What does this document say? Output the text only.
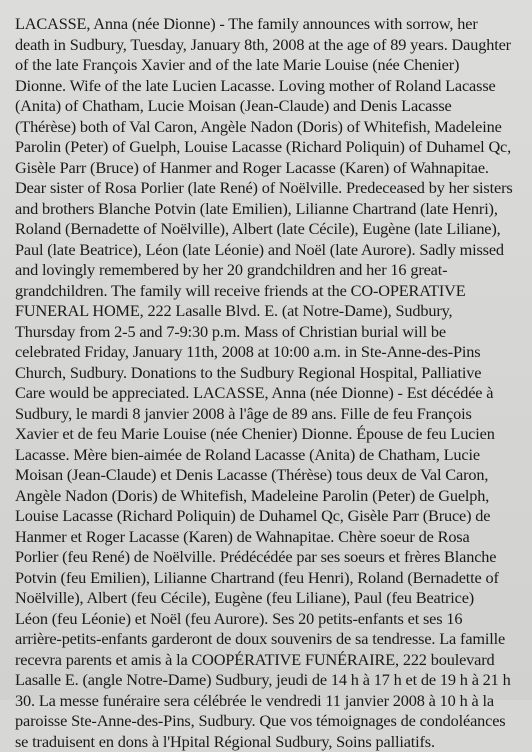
LACASSE, Anna (née Dionne) - The family announces with sorrow, her
death in Sudbury, Tuesday, January 8th, 2008 at the age of 89 years. Daughter
of the late François Xavier and of the late Marie Louise (née Chenier)
Dionne. Wife of the late Lucien Lacasse. Loving mother of Roland Lacasse
(Anita) of Chatham, Lucie Moisan (Jean-Claude) and Denis Lacasse
(Thérèse) both of Val Caron, Angèle Nadon (Doris) of Whitefish, Madeleine
Parolin (Peter) of Guelph, Louise Lacasse (Richard Poliquin) of Duhamel Qc,
Gisèle Parr (Bruce) of Hanmer and Roger Lacasse (Karen) of Wahnapitae.
Dear sister of Rosa Porlier (late René) of Noëlville. Predeceased by her sisters
and brothers Blanche Potvin (late Emilien), Lilianne Chartrand (late Henri),
Roland (Bernadette of Noëlville), Albert (late Cécile), Eugène (late Liliane),
Paul (late Beatrice), Léon (late Léonie) and Noël (late Aurore). Sadly missed
and lovingly remembered by her 20 grandchildren and her 16 great-
grandchildren. The family will receive friends at the CO-OPERATIVE
FUNERAL HOME, 222 Lasalle Blvd. E. (at Notre-Dame), Sudbury,
Thursday from 2-5 and 7-9:30 p.m. Mass of Christian burial will be
celebrated Friday, January 11th, 2008 at 10:00 a.m. in Ste-Anne-des-Pins
Church, Sudbury. Donations to the Sudbury Regional Hospital, Palliative
Care would be appreciated. LACASSE, Anna (née Dionne) - Est décédée à
Sudbury, le mardi 8 janvier 2008 à l'âge de 89 ans. Fille de feu François
Xavier et de feu Marie Louise (née Chenier) Dionne. Épouse de feu Lucien
Lacasse. Mère bien-aimée de Roland Lacasse (Anita) de Chatham, Lucie
Moisan (Jean-Claude) et Denis Lacasse (Thérèse) tous deux de Val Caron,
Angèle Nadon (Doris) de Whitefish, Madeleine Parolin (Peter) de Guelph,
Louise Lacasse (Richard Poliquin) de Duhamel Qc, Gisèle Parr (Bruce) de
Hanmer et Roger Lacasse (Karen) de Wahnapitae. Chère soeur de Rosa
Porlier (feu René) de Noëlville. Prédécédée par ses soeurs et frères Blanche
Potvin (feu Emilien), Lilianne Chartrand (feu Henri), Roland (Bernadette of
Noëlville), Albert (feu Cécile), Eugène (feu Liliane), Paul (feu Beatrice)
Léon (feu Léonie) et Noël (feu Aurore). Ses 20 petits-enfants et ses 16
arrière-petits-enfants garderont de doux souvenirs de sa tendresse. La famille
recevra parents et amis à la COOPÉRATIVE FUNÉRAIRE, 222 boulevard
Lasalle E. (angle Notre-Dame) Sudbury, jeudi de 14 h à 17 h et de 19 h à 21 h
30. La messe funéraire sera célébrée le vendredi 11 janvier 2008 à 10 h à la
paroisse Ste-Anne-des-Pins, Sudbury. Que vos témoignages de condoléances
se traduisent en dons à l'Hpital Régional Sudbury, Soins palliatifs.
